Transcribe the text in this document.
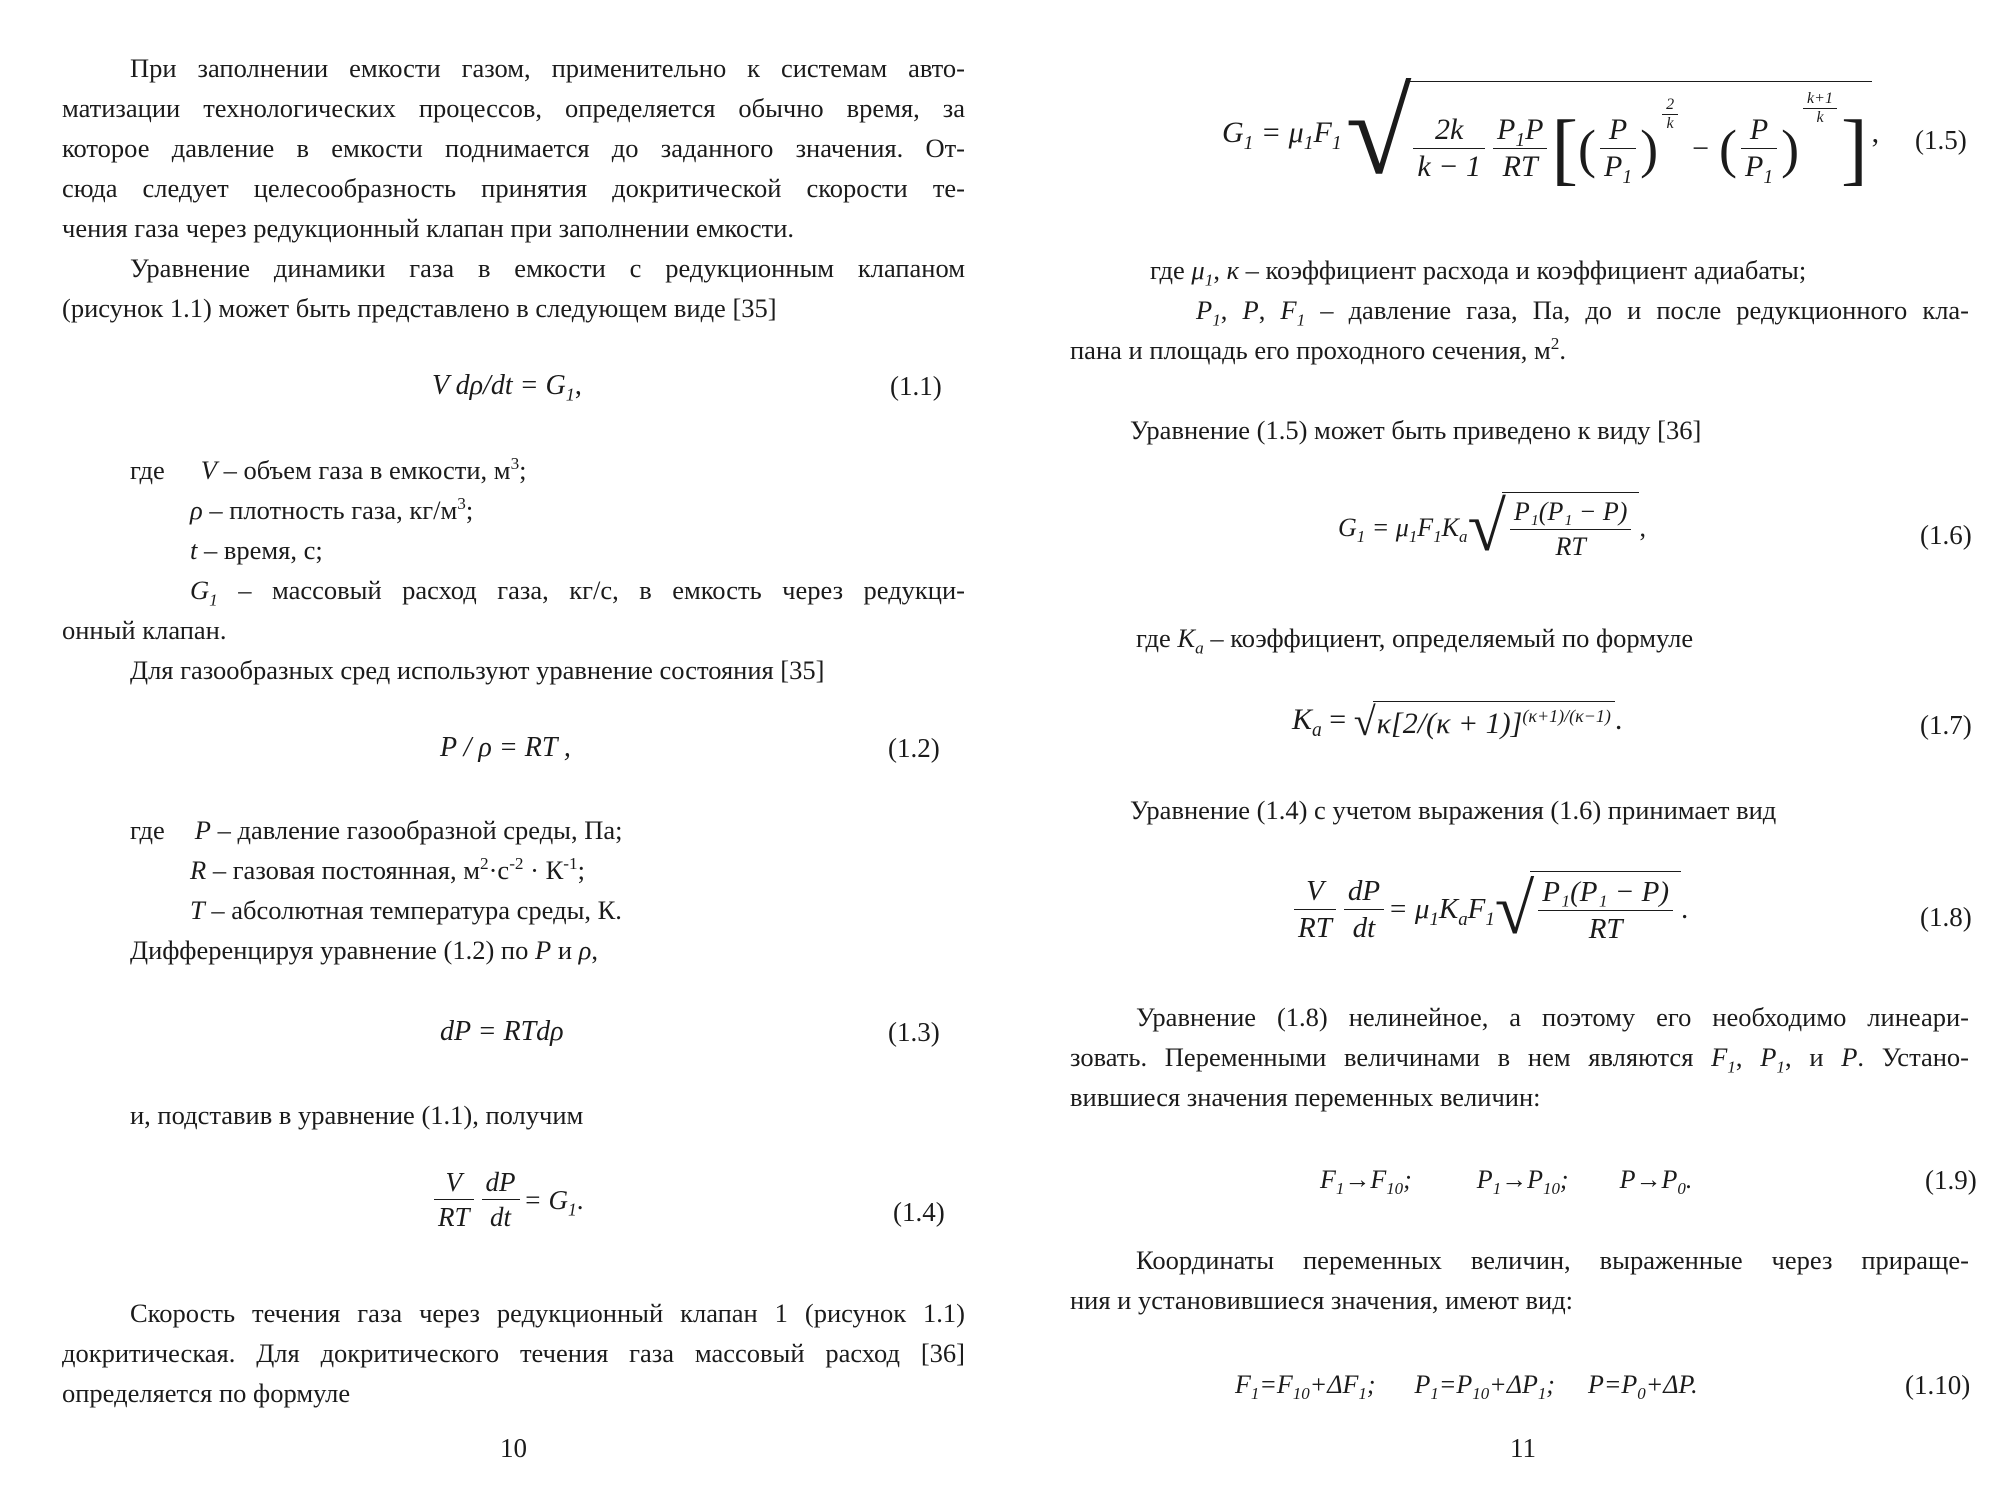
При заполнении емкости газом, применительно к системам авто-
матизации технологических процессов, определяется обычно время, за
которое давление в емкости поднимается до заданного значения. От-
сюда следует целесообразность принятия докритической скорости те-
чения газа через редукционный клапан при заполнении емкости.
Уравнение динамики газа в емкости с редукционным клапаном
(рисунок 1.1) может быть представлено в следующем виде [35]
V $d\rho/dt = G_1$,	(1.1)
где V – объем газа в емкости, $м^3$;
ρ – плотность газа, $кг/м^3$;
t – время, с;
$G_1$ – массовый расход газа, кг/с, в емкость через редукци-
онный клапан.
Для газообразных сред используют уравнение состояния [35]
P / ρ = RT ,	(1.2)
где P – давление газообразной среды, Па;
R – газовая постоянная, $м^2\cdot с^{-2} \cdot К^{-1}$;
T – абсолютная температура среды, К.
Дифференцируя уравнение (1.2) по P и ρ,
dP = RTdρ	(1.3)
и, подставив в уравнение (1.1), получим
$\frac{V}{RT} \frac{dP}{dt} = G_1$.	(1.4)
Скорость течения газа через редукционный клапан 1 (рисунок 1.1)
докритическая. Для докритического течения газа массовый расход [36]
определяется по формуле
10
$G_1 = \mu_1F_1√ \frac{2k}{k - 1} \frac{P_1P}{RT}$ [( $\frac{P}{P_1}$ )
$\frac{2}{k}$
− ( $\frac{P}{P_1}$ )
$\frac{k+1}{k}$ ] , (1.5)
где $\mu_1$, к – коэффициент расхода и коэффициент адиабаты;
$P_1$, P, $F_1$ – давление газа, Па, до и после редукционного кла-
пана и площадь его проходного сечения, $м^2$.
Уравнение (1.5) может быть приведено к виду [36]
$G_1 = \mu_1F_1K_a√ \frac{\text{P₁(P₁ − P)}}{RT}$ ,	(1.6)
где $K_a$ – коэффициент, определяемый по формуле
$K_a = √\kappa[2/(\kappa + 1)]^{(\kappa+1)/(\kappa-1)}$ .	(1.7)
Уравнение (1.4) с учетом выражения (1.6) принимает вид
$\frac{V}{RT} \frac{dP}{dt} = \mu_1K_aF_1√ \frac{\text{P₁(P₁ − P)}}{RT}$ .	(1.8)
Уравнение (1.8) нелинейное, а поэтому его необходимо линеари-
зовать. Переменными величинами в нем являются $F_1$, $P_1$, и P. Устано-
вившиеся значения переменных величин:
$F_1\to F_{10}$;	$P_1\to P_{10}$; $P\to P_0$.	(1.9)
Координаты переменных величин, выраженные через прираще-
ния и установившиеся значения, имеют вид:
$F_1=F_{10}+\Delta F_1$; $P_1=P_{10}+\Delta P_1$; $P=P_0+\Delta P$.	(1.10)
11
